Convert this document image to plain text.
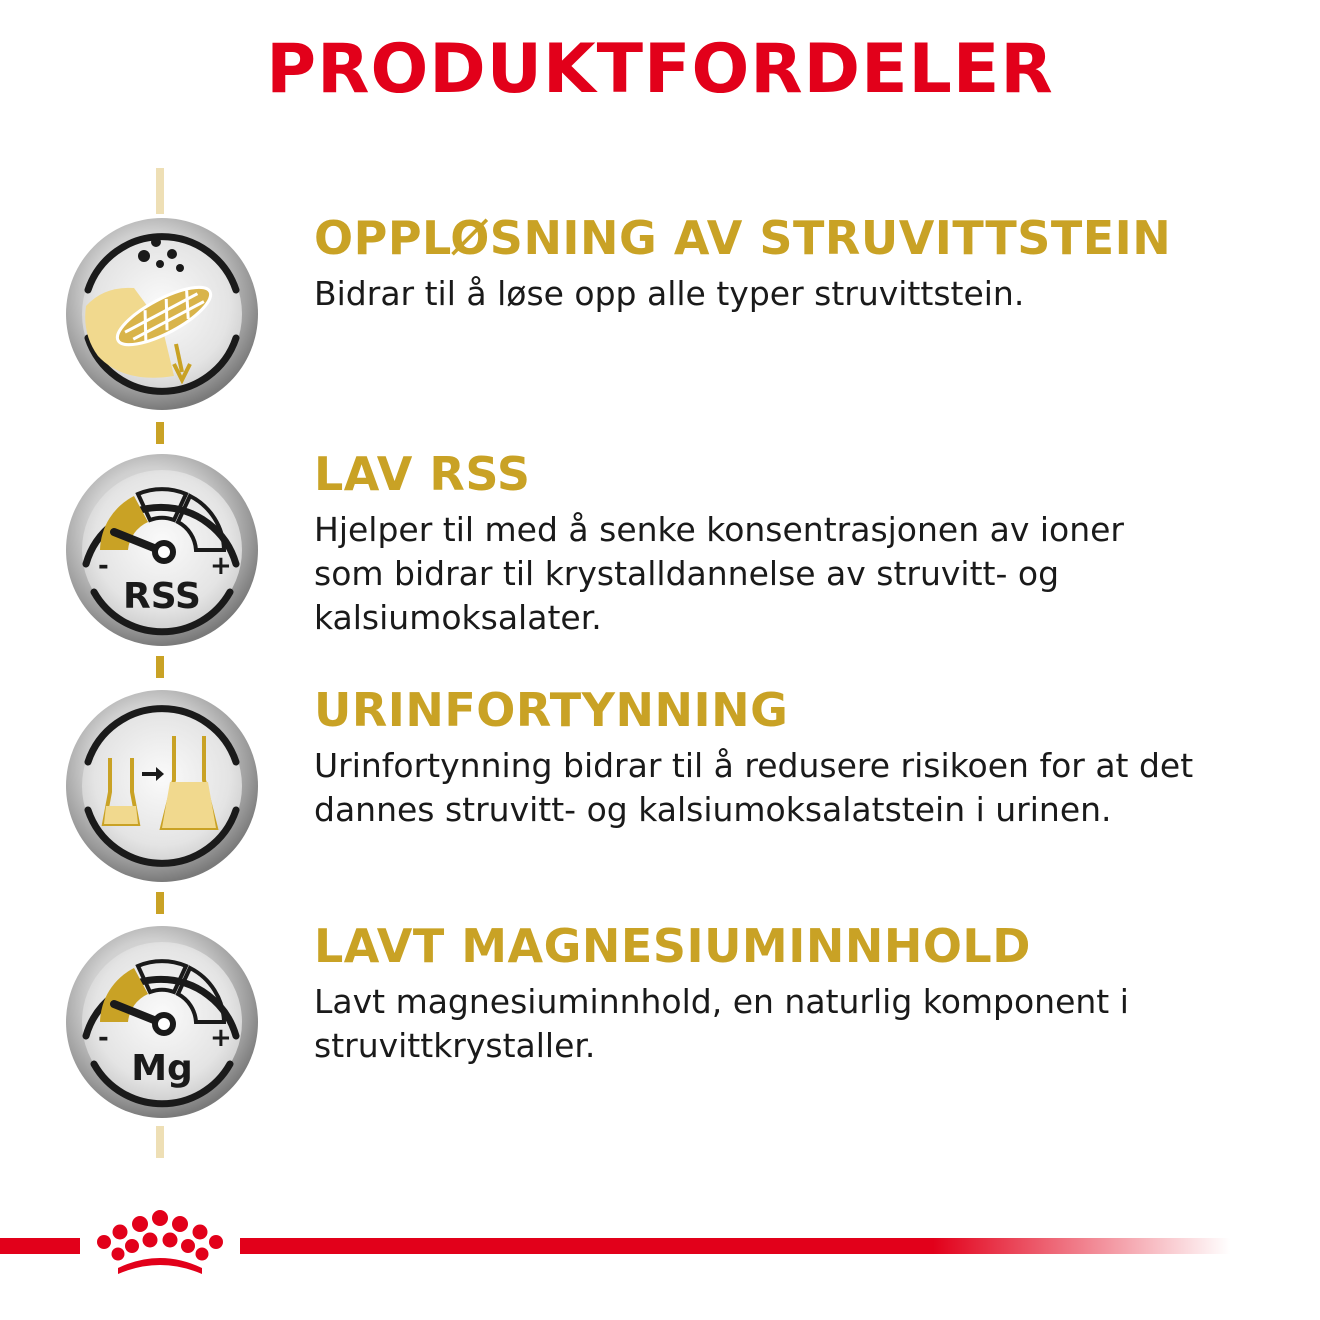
PRODUKTFORDELER
-	+
RSS
-	+
Mg
OPPLØSNING AV STRUVITTSTEIN

Bidrar til å løse opp alle typer struvittstein.

LAV RSS

Hjelper til med å senke konsentrasjonen av ioner som bidrar til krystalldannelse av struvitt- og kalsiumoksalater.

URINFORTYNNING

Urinfortynning bidrar til å redusere risikoen for at det dannes struvitt- og kalsiumoksalatstein i urinen.

LAVT MAGNESIUMINNHOLD

Lavt magnesiuminnhold, en naturlig komponent i struvittkrystaller.
